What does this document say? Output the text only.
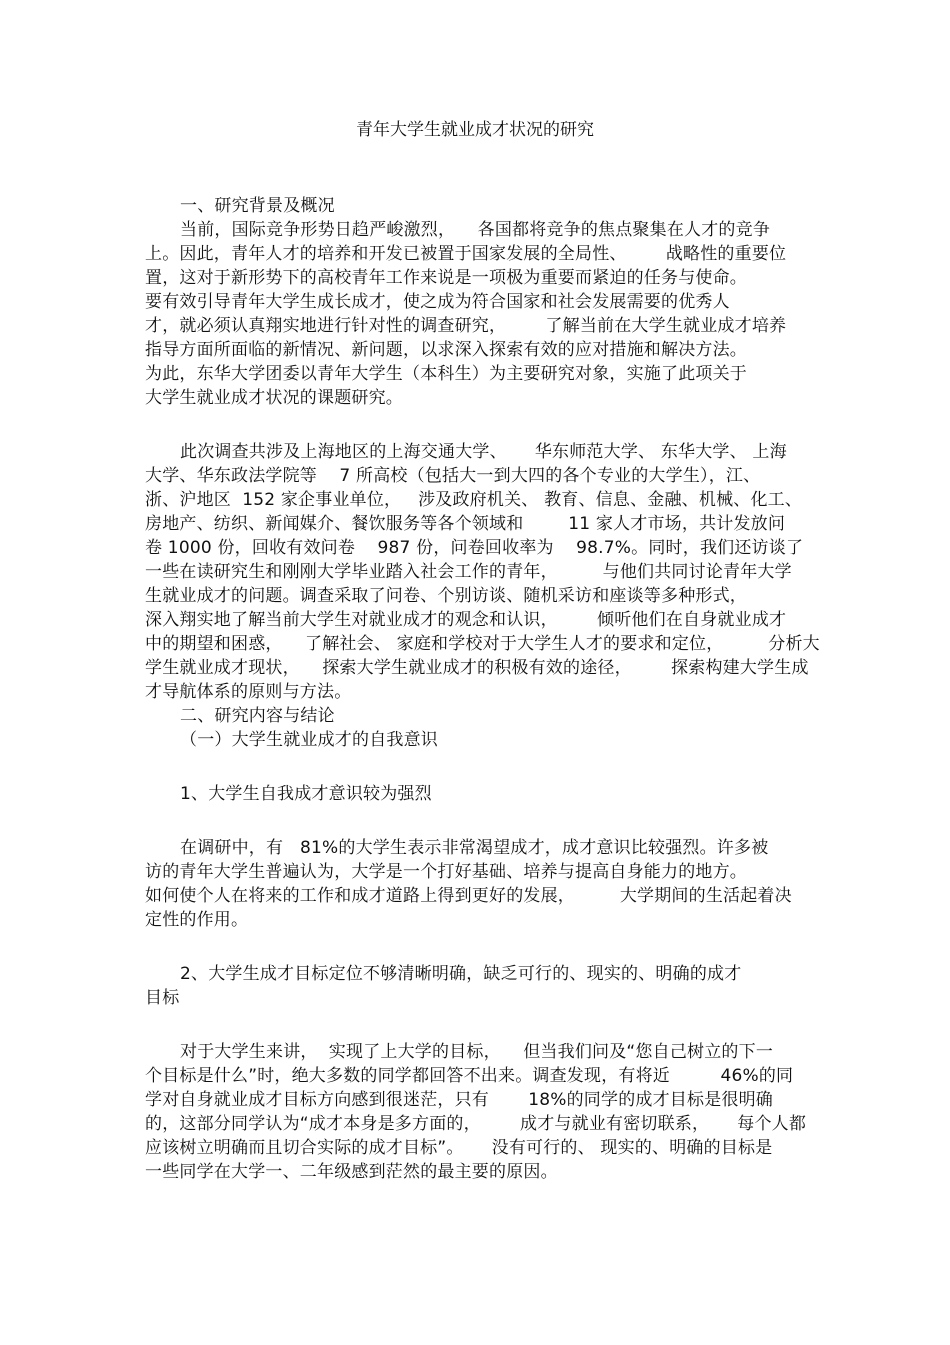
青年大学生就业成才状况的研究
一、研究背景及概况
当前，国际竞争形势日趋严峻激烈，    各国都将竞争的焦点聚集在人才的竞争
上。因此，青年人才的培养和开发已被置于国家发展的全局性、       战略性的重要位
置，这对于新形势下的高校青年工作来说是一项极为重要而紧迫的任务与使命。
要有效引导青年大学生成长成才，使之成为符合国家和社会发展需要的优秀人
才，就必须认真翔实地进行针对性的调查研究，       了解当前在大学生就业成才培养
指导方面所面临的新情况、新问题，以求深入探索有效的应对措施和解决方法。
为此，东华大学团委以青年大学生（本科生）为主要研究对象，实施了此项关于
大学生就业成才状况的课题研究。
此次调查共涉及上海地区的上海交通大学、     华东师范大学、 东华大学、 上海
大学、华东政法学院等    7 所高校（包括大一到大四的各个专业的大学生），江、
浙、沪地区  152 家企事业单位，   涉及政府机关、 教育、信息、金融、机械、化工、
房地产、纺织、新闻媒介、餐饮服务等各个领域和        11 家人才市场，共计发放问
卷 1000 份，回收有效问卷    987 份，问卷回收率为    98.7%。同时，我们还访谈了
一些在读研究生和刚刚大学毕业踏入社会工作的青年，        与他们共同讨论青年大学
生就业成才的问题。调查采取了问卷、个别访谈、随机采访和座谈等多种形式，
深入翔实地了解当前大学生对就业成才的观念和认识，       倾听他们在自身就业成才
中的期望和困惑，    了解社会、 家庭和学校对于大学生人才的要求和定位，        分析大
学生就业成才现状，    探索大学生就业成才的积极有效的途径，       探索构建大学生成
才导航体系的原则与方法。
二、研究内容与结论
（一）大学生就业成才的自我意识
1、大学生自我成才意识较为强烈
在调研中，有   81%的大学生表示非常渴望成才，成才意识比较强烈。许多被
访的青年大学生普遍认为，大学是一个打好基础、培养与提高自身能力的地方。
如何使个人在将来的工作和成才道路上得到更好的发展，        大学期间的生活起着决
定性的作用。
2、大学生成才目标定位不够清晰明确，缺乏可行的、现实的、明确的成才
目标
对于大学生来讲，  实现了上大学的目标，    但当我们问及“您自己树立的下一
个目标是什么”时，绝大多数的同学都回答不出来。调查发现，有将近         46%的同
学对自身就业成才目标方向感到很迷茫，只有       18%的同学的成才目标是很明确
的，这部分同学认为“成才本身是多方面的，       成才与就业有密切联系，     每个人都
应该树立明确而且切合实际的成才目标”。     没有可行的、 现实的、明确的目标是
一些同学在大学一、二年级感到茫然的最主要的原因。
